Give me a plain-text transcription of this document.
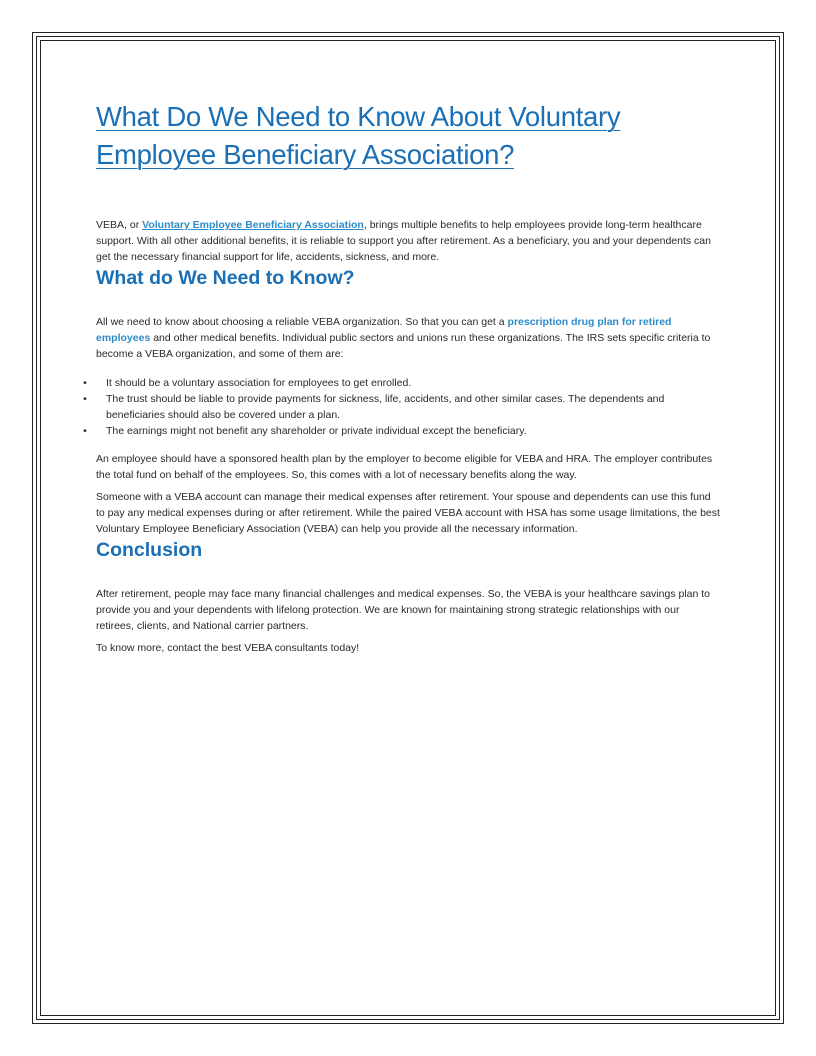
What Do We Need to Know About Voluntary Employee Beneficiary Association?

VEBA, or Voluntary Employee Beneficiary Association, brings multiple benefits to help employees provide long-term healthcare support. With all other additional benefits, it is reliable to support you after retirement. As a beneficiary, you and your dependents can get the necessary financial support for life, accidents, sickness, and more.

What do We Need to Know?

All we need to know about choosing a reliable VEBA organization. So that you can get a prescription drug plan for retired employees and other medical benefits. Individual public sectors and unions run these organizations. The IRS sets specific criteria to become a VEBA organization, and some of them are:

•	It should be a voluntary association for employees to get enrolled.
•	The trust should be liable to provide payments for sickness, life, accidents, and other similar cases. The dependents and beneficiaries should also be covered under a plan.
•	The earnings might not benefit any shareholder or private individual except the beneficiary.

An employee should have a sponsored health plan by the employer to become eligible for VEBA and HRA. The employer contributes the total fund on behalf of the employees. So, this comes with a lot of necessary benefits along the way.

Someone with a VEBA account can manage their medical expenses after retirement. Your spouse and dependents can use this fund to pay any medical expenses during or after retirement. While the paired VEBA account with HSA has some usage limitations, the best Voluntary Employee Beneficiary Association (VEBA) can help you provide all the necessary information.

Conclusion

After retirement, people may face many financial challenges and medical expenses. So, the VEBA is your healthcare savings plan to provide you and your dependents with lifelong protection. We are known for maintaining strong strategic relationships with our retirees, clients, and National carrier partners.

To know more, contact the best VEBA consultants today!
